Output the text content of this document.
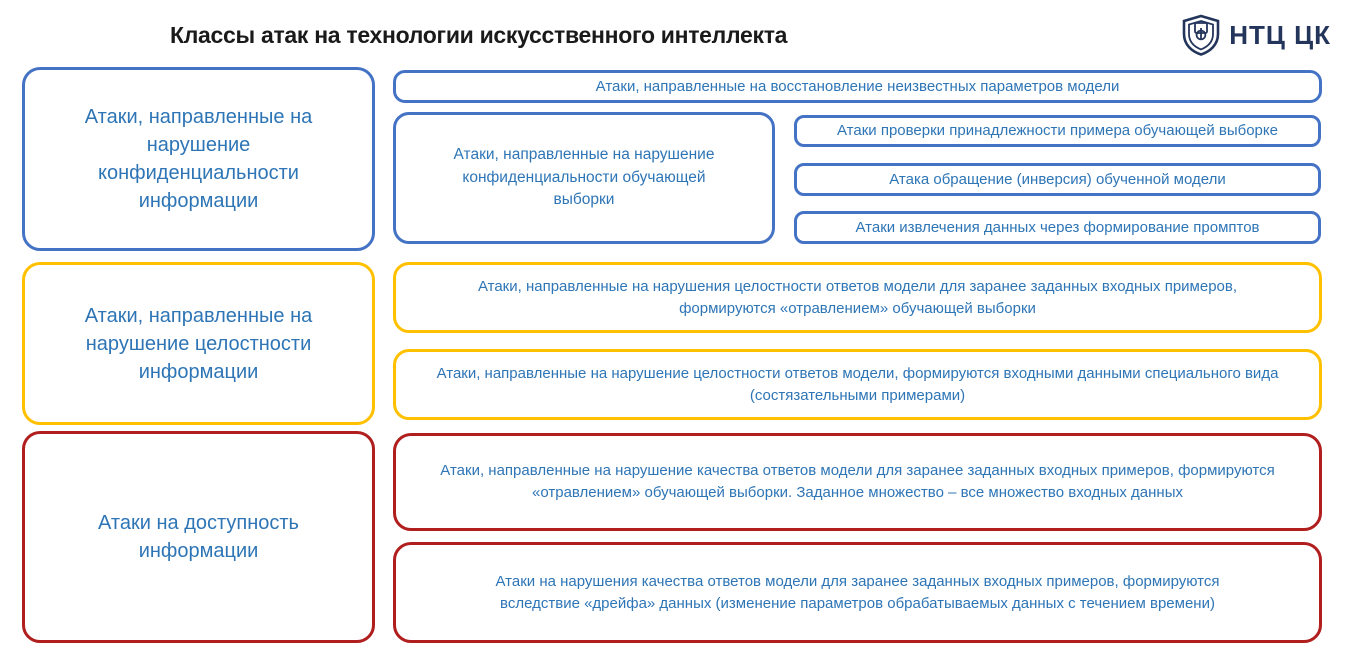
Классы атак на технологии искусственного интеллекта	НТЦ ЦК
Атаки, направленные на нарушение конфиденциальности информации
Атаки, направленные на нарушение целостности информации
Атаки на доступность информации
Атаки, направленные на восстановление неизвестных параметров модели
Атаки, направленные на нарушение конфиденциальности обучающей выборки
Атаки проверки принадлежности примера обучающей выборке
Атака обращение (инверсия) обученной модели
Атаки извлечения данных через формирование промптов
Атаки, направленные на нарушения целостности ответов модели для заранее заданных входных примеров, формируются «отравлением» обучающей выборки
Атаки, направленные на нарушение целостности ответов модели, формируются входными данными специального вида (состязательными примерами)
Атаки, направленные на нарушение качества ответов модели для заранее заданных входных примеров, формируются «отравлением» обучающей выборки. Заданное множество – все множество входных данных
Атаки на нарушения качества ответов модели для заранее заданных входных примеров, формируются вследствие «дрейфа» данных (изменение параметров обрабатываемых данных с течением времени)
